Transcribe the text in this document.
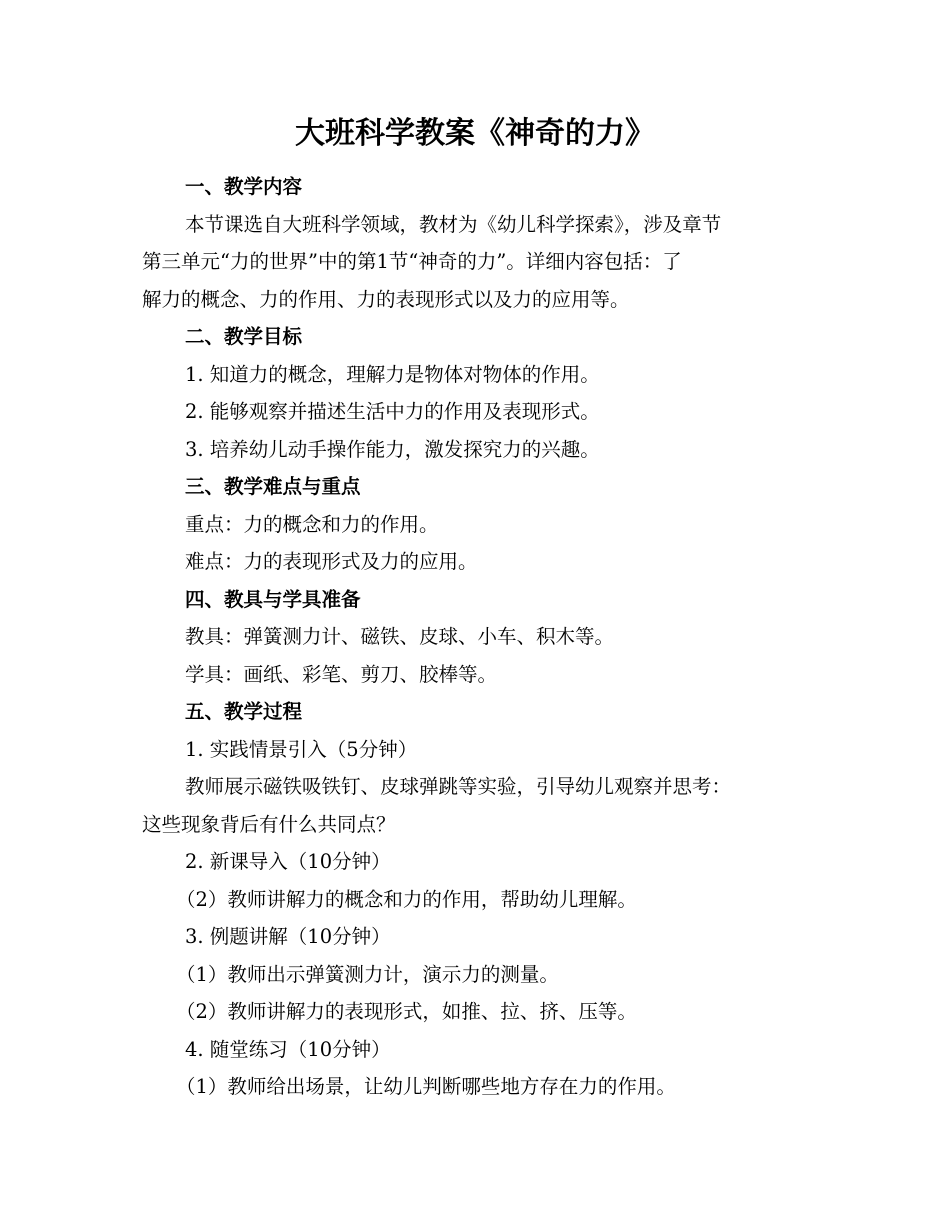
大班科学教案《神奇的力》
一、教学内容
本节课选自大班科学领域，教材为《幼儿科学探索》，涉及章节
第三单元“力的世界”中的第1节“神奇的力”。详细内容包括：了
解力的概念、力的作用、力的表现形式以及力的应用等。
二、教学目标
1. 知道力的概念，理解力是物体对物体的作用。
2. 能够观察并描述生活中力的作用及表现形式。
3. 培养幼儿动手操作能力，激发探究力的兴趣。
三、教学难点与重点
重点：力的概念和力的作用。
难点：力的表现形式及力的应用。
四、教具与学具准备
教具：弹簧测力计、磁铁、皮球、小车、积木等。
学具：画纸、彩笔、剪刀、胶棒等。
五、教学过程
1. 实践情景引入（5分钟）
教师展示磁铁吸铁钉、皮球弹跳等实验，引导幼儿观察并思考：
这些现象背后有什么共同点？
2. 新课导入（10分钟）
（2）教师讲解力的概念和力的作用，帮助幼儿理解。
3. 例题讲解（10分钟）
（1）教师出示弹簧测力计，演示力的测量。
（2）教师讲解力的表现形式，如推、拉、挤、压等。
4. 随堂练习（10分钟）
（1）教师给出场景，让幼儿判断哪些地方存在力的作用。
